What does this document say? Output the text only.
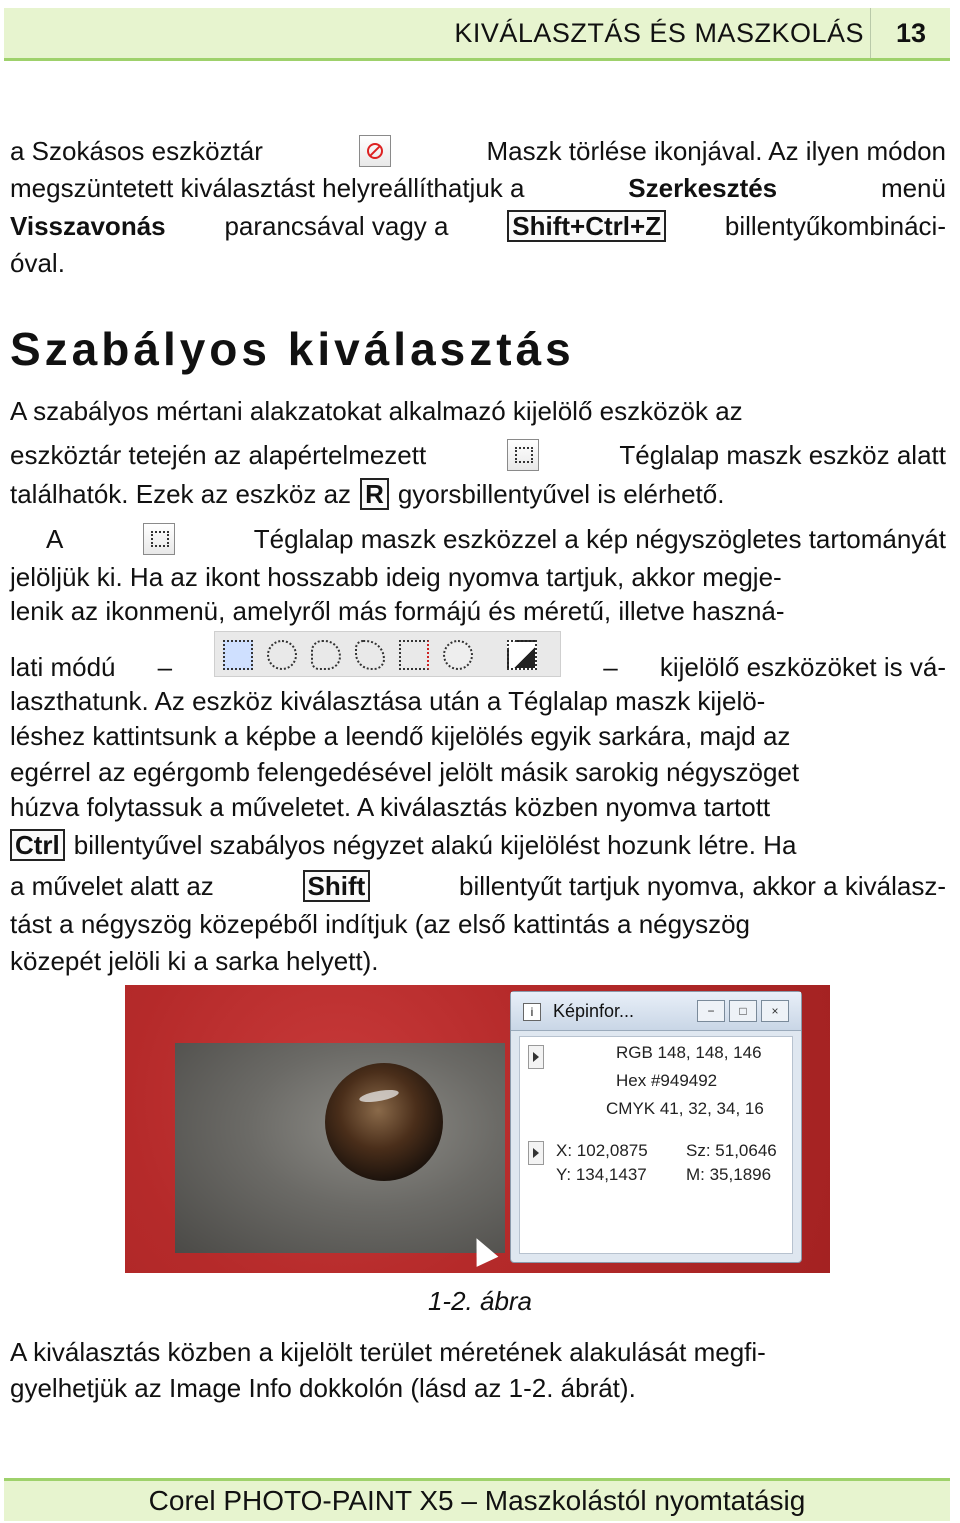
KIVÁLASZTÁS ÉS MASZKOLÁS	13
a Szokásos eszköztár	Maszk törlése ikonjával. Az ilyen módon
megszüntetett kiválasztást helyreállíthatjuk a	Szerkesztés	menü
Visszavonás parancsával vagy a Shift+Ctrl+Z billentyűkombináci-
óval.
Szabályos kiválasztás
A szabályos mértani alakzatokat alkalmazó kijelölő eszközök az
eszköztár tetején az alapértelmezett	Téglalap maszk eszköz alatt
találhatók. Ezek az eszköz az R gyorsbillentyűvel is elérhető.
A	Téglalap maszk eszközzel a kép négyszögletes tartományát
jelöljük ki. Ha az ikont hosszabb ideig nyomva tartjuk, akkor megje-
lenik az ikonmenü, amelyről más formájú és méretű, illetve haszná-
lati módú –	– kijelölő eszközöket is vá-
laszthatunk. Az eszköz kiválasztása után a Téglalap maszk kijelö-
léshez kattintsunk a képbe a leendő kijelölés egyik sarkára, majd az
egérrel az egérgomb felengedésével jelölt másik sarokig négyszöget
húzva folytassuk a műveletet. A kiválasztás közben nyomva tartott
Ctrl billentyűvel szabályos négyzet alakú kijelölést hozunk létre. Ha
a művelet alatt az	Shift	billentyűt tartjuk nyomva, akkor a kiválasz-
tást a négyszög közepéből indítjuk (az első kattintás a négyszög
közepét jelöli ki a sarka helyett).
i	Képinfor...	−	□	×
RGB 148, 148, 146
Hex #949492
CMYK 41, 32, 34, 16
X: 102,0875
Y: 134,1437
Sz: 51,0646
M: 35,1896
1-2. ábra
A kiválasztás közben a kijelölt terület méretének alakulását megfi-
gyelhetjük az Image Info dokkolón (lásd az 1-2. ábrát).
Corel PHOTO-PAINT X5 – Maszkolástól nyomtatásig
